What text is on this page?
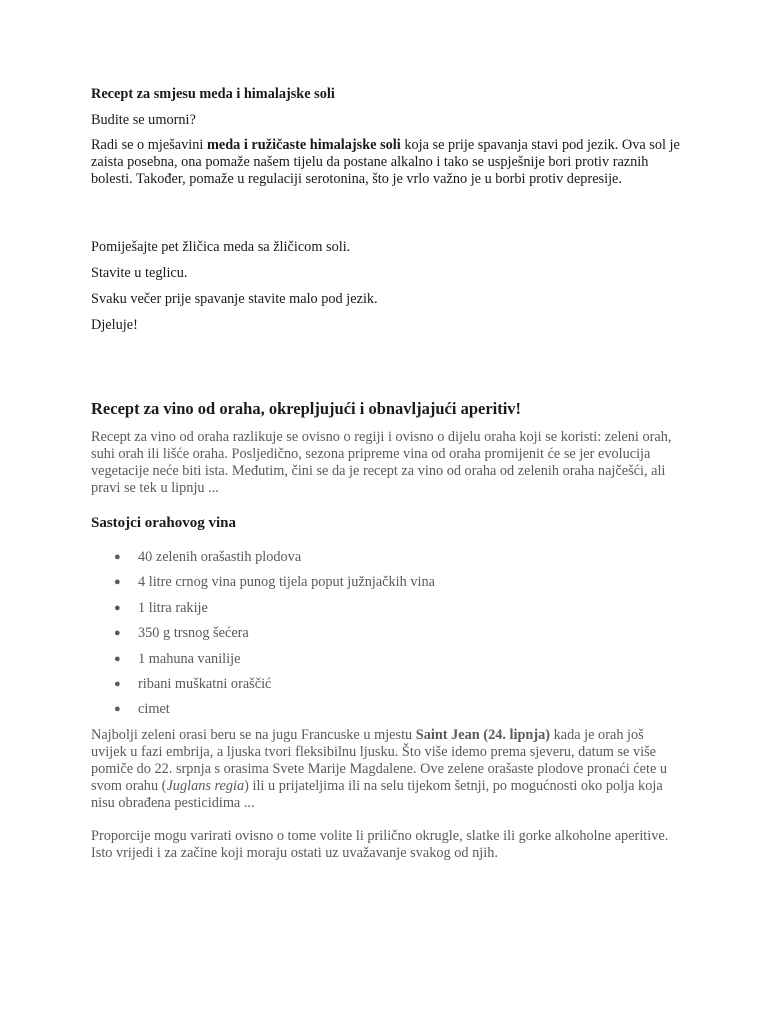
Recept za smjesu meda i himalajske soli

Budite se umorni?

Radi se o mješavini meda i ružičaste himalajske soli koja se prije spavanja stavi pod jezik. Ova sol je zaista posebna, ona pomaže našem tijelu da postane alkalno i tako se uspješnije bori protiv raznih bolesti. Također, pomaže u regulaciji serotonina, što je vrlo važno je u borbi protiv depresije.

Pomiješajte pet žličica meda sa žličicom soli.

Stavite u teglicu.

Svaku večer prije spavanje stavite malo pod jezik.

Djeluje!

Recept za vino od oraha, okrepljujući i obnavljajući aperitiv!

Recept za vino od oraha razlikuje se ovisno o regiji i ovisno o dijelu oraha koji se koristi: zeleni orah, suhi orah ili lišće oraha. Posljedično, sezona pripreme vina od oraha promijenit će se jer evolucija vegetacije neće biti ista. Međutim, čini se da je recept za vino od oraha od zelenih oraha najčešći, ali pravi se tek u lipnju ...

Sastojci orahovog vina

● 40 zelenih orašastih plodova
● 4 litre crnog vina punog tijela poput južnjačkih vina
● 1 litra rakije
● 350 g trsnog šećera
● 1 mahuna vanilije
● ribani muškatni oraščić
● cimet

Najbolji zeleni orasi beru se na jugu Francuske u mjestu Saint Jean (24. lipnja) kada je orah još uvijek u fazi embrija, a ljuska tvori fleksibilnu ljusku. Što više idemo prema sjeveru, datum se više pomiče do 22. srpnja s orasima Svete Marije Magdalene. Ove zelene orašaste plodove pronaći ćete u svom orahu (Juglans regia) ili u prijateljima ili na selu tijekom šetnji, po mogućnosti oko polja koja nisu obrađena pesticidima ...

Proporcije mogu varirati ovisno o tome volite li prilično okrugle, slatke ili gorke alkoholne aperitive. Isto vrijedi i za začine koji moraju ostati uz uvažavanje svakog od njih.
